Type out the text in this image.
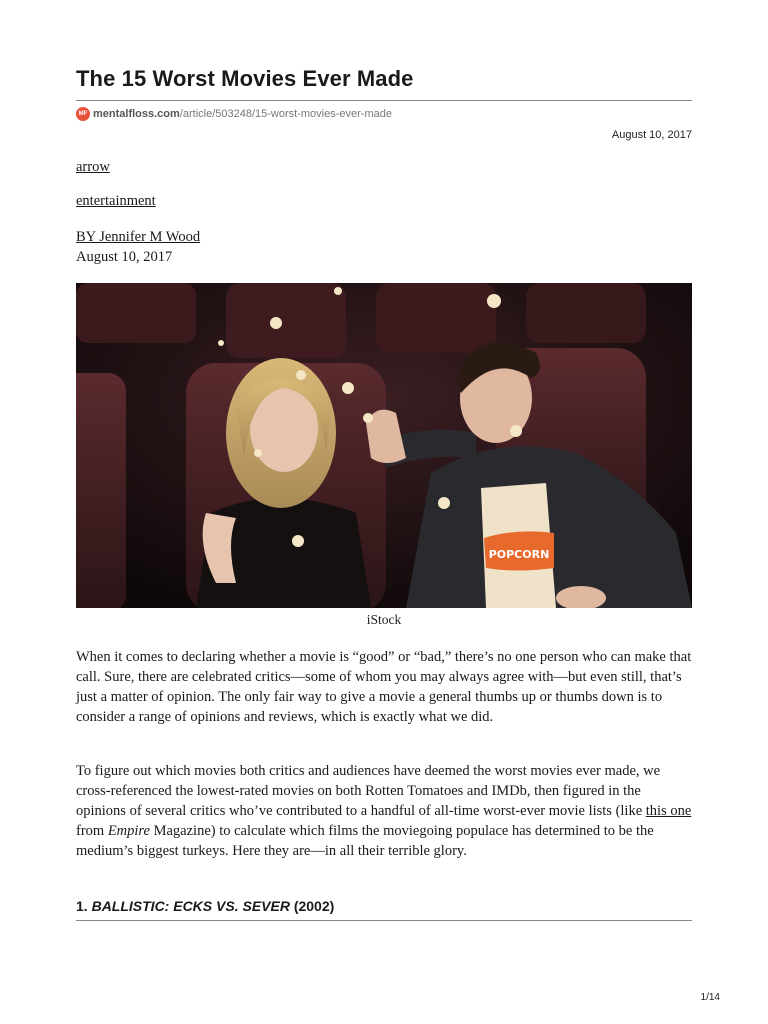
The 15 Worst Movies Ever Made
MF mentalfloss.com /article/503248/15-worst-movies-ever-made
August 10, 2017
arrow
entertainment
BY Jennifer M Wood
August 10, 2017
POPCORN
iStock

When it comes to declaring whether a movie is “good” or “bad,” there’s no one person who can make that call. Sure, there are celebrated critics—some of whom you may always agree with—but even still, that’s just a matter of opinion. The only fair way to give a movie a general thumbs up or thumbs down is to consider a range of opinions and reviews, which is exactly what we did.

To figure out which movies both critics and audiences have deemed the worst movies ever made, we cross-referenced the lowest-rated movies on both Rotten Tomatoes and IMDb, then figured in the opinions of several critics who’ve contributed to a handful of all-time worst-ever movie lists (like this one from Empire Magazine) to calculate which films the moviegoing populace has determined to be the medium’s biggest turkeys. Here they are—in all their terrible glory.

1. BALLISTIC: ECKS VS. SEVER (2002)
1/14
